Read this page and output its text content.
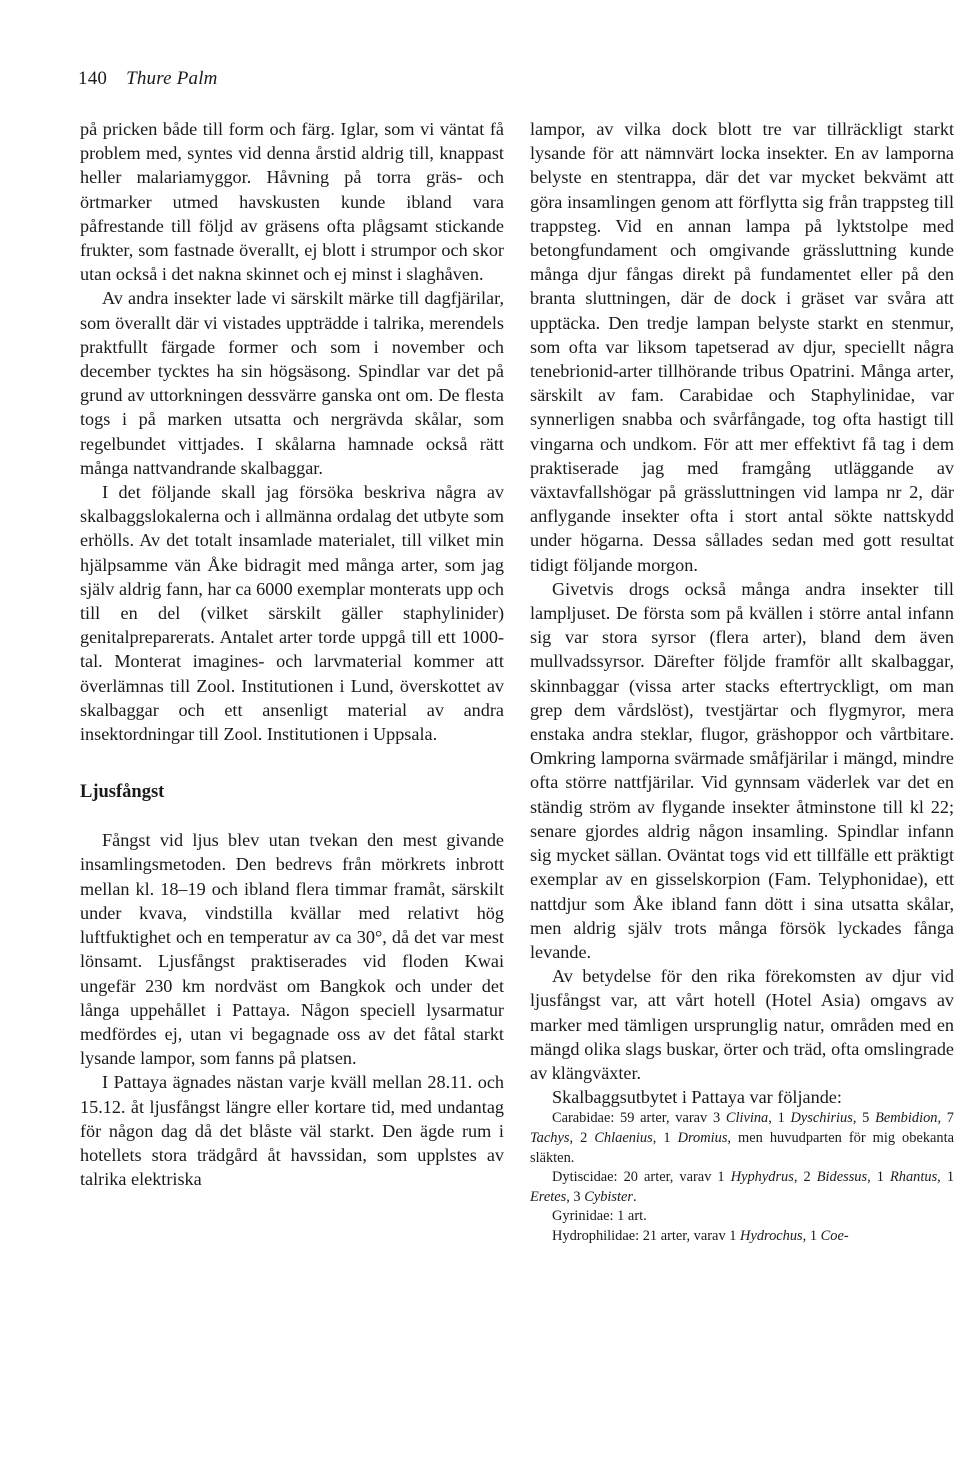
140 Thure Palm

på pricken både till form och färg. Iglar, som vi väntat få problem med, syntes vid denna årstid aldrig till, knappast heller malariamyggor. Håvning på torra gräs- och örtmarker utmed havskusten kunde ibland vara påfrestande till följd av gräsens ofta plågsamt stickande frukter, som fastnade överallt, ej blott i strumpor och skor utan också i det nakna skinnet och ej minst i slaghåven.

Av andra insekter lade vi särskilt märke till dagfjärilar, som överallt där vi vistades uppträdde i talrika, merendels praktfullt färgade former och som i november och december tycktes ha sin högsäsong. Spindlar var det på grund av uttorkningen dessvärre ganska ont om. De flesta togs i på marken utsatta och nergrävda skålar, som regelbundet vittjades. I skålarna hamnade också rätt många nattvandrande skalbaggar.

I det följande skall jag försöka beskriva några av skalbaggslokalerna och i allmänna ordalag det utbyte som erhölls. Av det totalt insamlade materialet, till vilket min hjälpsamme vän Åke bidragit med många arter, som jag själv aldrig fann, har ca 6000 exemplar monterats upp och till en del (vilket särskilt gäller staphylinider) genitalpreparerats. Antalet arter torde uppgå till ett 1000-tal. Monterat imagines- och larvmaterial kommer att överlämnas till Zool. Institutionen i Lund, överskottet av skalbaggar och ett ansenligt material av andra insektordningar till Zool. Institutionen i Uppsala.

Ljusfångst

Fångst vid ljus blev utan tvekan den mest givande insamlingsmetoden. Den bedrevs från mörkrets inbrott mellan kl. 18–19 och ibland flera timmar framåt, särskilt under kvava, vindstilla kvällar med relativt hög luftfuktighet och en temperatur av ca 30°, då det var mest lönsamt. Ljusfångst praktiserades vid floden Kwai ungefär 230 km nordväst om Bangkok och under det långa uppehållet i Pattaya. Någon speciell lysarmatur medfördes ej, utan vi begagnade oss av det fåtal starkt lysande lampor, som fanns på platsen.

I Pattaya ägnades nästan varje kväll mellan 28.11. och 15.12. åt ljusfångst längre eller kortare tid, med undantag för någon dag då det blåste väl starkt. Den ägde rum i hotellets stora trädgård åt havssidan, som upplstes av talrika elektriska

lampor, av vilka dock blott tre var tillräckligt starkt lysande för att nämnvärt locka insekter. En av lamporna belyste en stentrappa, där det var mycket bekvämt att göra insamlingen genom att förflytta sig från trappsteg till trappsteg. Vid en annan lampa på lyktstolpe med betongfundament och omgivande grässluttning kunde många djur fångas direkt på fundamentet eller på den branta sluttningen, där de dock i gräset var svåra att upptäcka. Den tredje lampan belyste starkt en stenmur, som ofta var liksom tapetserad av djur, speciellt några tenebrionid-arter tillhörande tribus Opatrini. Många arter, särskilt av fam. Carabidae och Staphylinidae, var synnerligen snabba och svårfångade, tog ofta hastigt till vingarna och undkom. För att mer effektivt få tag i dem praktiserade jag med framgång utläggande av växtavfallshögar på grässluttningen vid lampa nr 2, där anflygande insekter ofta i stort antal sökte nattskydd under högarna. Dessa sållades sedan med gott resultat tidigt följande morgon.

Givetvis drogs också många andra insekter till lampljuset. De första som på kvällen i större antal infann sig var stora syrsor (flera arter), bland dem även mullvadssyrsor. Därefter följde framför allt skalbaggar, skinnbaggar (vissa arter stacks eftertryckligt, om man grep dem vårdslöst), tvestjärtar och flygmyror, mera enstaka andra steklar, flugor, gräshoppor och vårtbitare. Omkring lamporna svärmade småfjärilar i mängd, mindre ofta större nattfjärilar. Vid gynnsam väderlek var det en ständig ström av flygande insekter åtminstone till kl 22; senare gjordes aldrig någon insamling. Spindlar infann sig mycket sällan. Oväntat togs vid ett tillfälle ett präktigt exemplar av en gisselskorpion (Fam. Telyphonidae), ett nattdjur som Åke ibland fann dött i sina utsatta skålar, men aldrig själv trots många försök lyckades fånga levande.

Av betydelse för den rika förekomsten av djur vid ljusfångst var, att vårt hotell (Hotel Asia) omgavs av marker med tämligen ursprunglig natur, områden med en mängd olika slags buskar, örter och träd, ofta omslingrade av klängväxter.

Skalbaggsutbytet i Pattaya var följande:

Carabidae: 59 arter, varav 3 Clivina, 1 Dyschirius, 5 Bembidion, 7 Tachys, 2 Chlaenius, 1 Dromius, men huvudparten för mig obekanta släkten.

Dytiscidae: 20 arter, varav 1 Hyphydrus, 2 Bidessus, 1 Rhantus, 1 Eretes, 3 Cybister.

Gyrinidae: 1 art.

Hydrophilidae: 21 arter, varav 1 Hydrochus, 1 Coe-
